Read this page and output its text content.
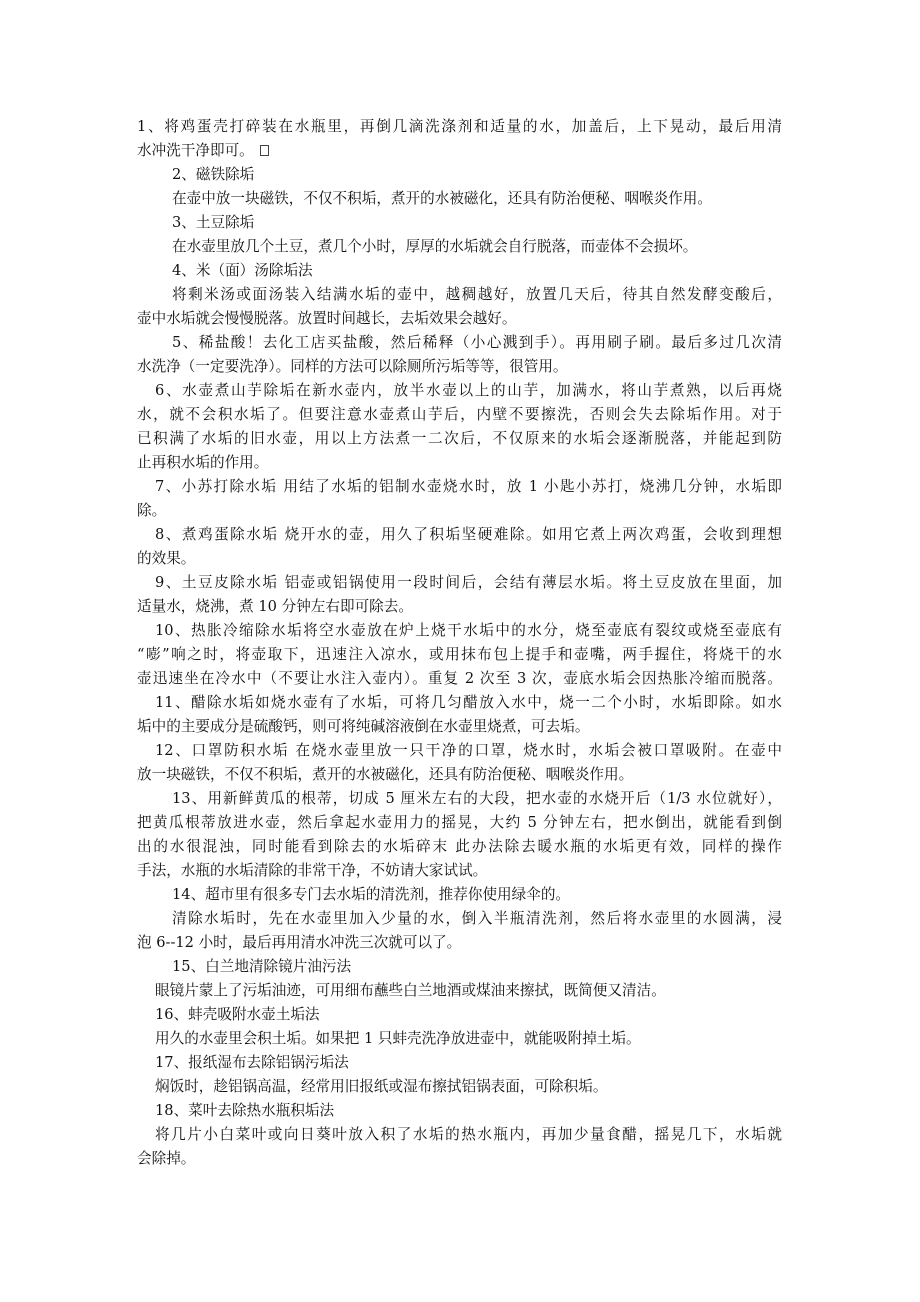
1、将鸡蛋壳打碎装在水瓶里，再倒几滴洗涤剂和适量的水，加盖后，上下晃动，最后用清
水冲洗干净即可。
2、磁铁除垢
在壶中放一块磁铁，不仅不积垢，煮开的水被磁化，还具有防治便秘、咽喉炎作用。
3、土豆除垢
在水壶里放几个土豆，煮几个小时，厚厚的水垢就会自行脱落，而壶体不会损坏。
4、米（面）汤除垢法
将剩米汤或面汤装入结满水垢的壶中，越稠越好，放置几天后，待其自然发酵变酸后，
壶中水垢就会慢慢脱落。放置时间越长，去垢效果会越好。
5、稀盐酸！去化工店买盐酸，然后稀释（小心溅到手）。再用刷子刷。最后多过几次清
水洗净（一定要洗净）。同样的方法可以除厕所污垢等等，很管用。
6、水壶煮山芋除垢在新水壶内，放半水壶以上的山芋，加满水，将山芋煮熟，以后再烧
水，就不会积水垢了。但要注意水壶煮山芋后，内壁不要擦洗，否则会失去除垢作用。对于
已积满了水垢的旧水壶，用以上方法煮一二次后，不仅原来的水垢会逐渐脱落，并能起到防
止再积水垢的作用。
7、小苏打除水垢 用结了水垢的铝制水壶烧水时，放 1 小匙小苏打，烧沸几分钟，水垢即
除。
8、煮鸡蛋除水垢 烧开水的壶，用久了积垢坚硬难除。如用它煮上两次鸡蛋，会收到理想
的效果。
9、土豆皮除水垢 铝壶或铝锅使用一段时间后，会结有薄层水垢。将土豆皮放在里面，加
适量水，烧沸，煮 10 分钟左右即可除去。
10、热胀冷缩除水垢将空水壶放在炉上烧干水垢中的水分，烧至壶底有裂纹或烧至壶底有
“嘭”响之时，将壶取下，迅速注入凉水，或用抹布包上提手和壶嘴，两手握住，将烧干的水
壶迅速坐在冷水中（不要让水注入壶内）。重复 2 次至 3 次，壶底水垢会因热胀冷缩而脱落。
11、醋除水垢如烧水壶有了水垢，可将几匀醋放入水中，烧一二个小时，水垢即除。如水
垢中的主要成分是硫酸钙，则可将纯碱溶液倒在水壶里烧煮，可去垢。
12、口罩防积水垢 在烧水壶里放一只干净的口罩，烧水时，水垢会被口罩吸附。在壶中
放一块磁铁，不仅不积垢，煮开的水被磁化，还具有防治便秘、咽喉炎作用。
13、用新鲜黄瓜的根蒂，切成 5 厘米左右的大段，把水壶的水烧开后（1/3 水位就好），
把黄瓜根蒂放进水壶，然后拿起水壶用力的摇晃，大约 5 分钟左右，把水倒出，就能看到倒
出的水很混浊，同时能看到除去的水垢碎末 此办法除去暖水瓶的水垢更有效，同样的操作
手法，水瓶的水垢清除的非常干净，不妨请大家试试。
14、超市里有很多专门去水垢的清洗剂，推荐你使用绿伞的。
清除水垢时，先在水壶里加入少量的水，倒入半瓶清洗剂，然后将水壶里的水圆满，浸
泡 6--12 小时，最后再用清水冲洗三次就可以了。
15、白兰地清除镜片油污法
眼镜片蒙上了污垢油迹，可用细布蘸些白兰地酒或煤油来擦拭，既简便又清洁。
16、蚌壳吸附水壶土垢法
用久的水壶里会积土垢。如果把 1 只蚌壳洗净放进壶中，就能吸附掉土垢。
17、报纸湿布去除铝锅污垢法
焖饭时，趁铝锅高温，经常用旧报纸或湿布擦拭铝锅表面，可除积垢。
18、菜叶去除热水瓶积垢法
将几片小白菜叶或向日葵叶放入积了水垢的热水瓶内，再加少量食醋，摇晃几下，水垢就
会除掉。
